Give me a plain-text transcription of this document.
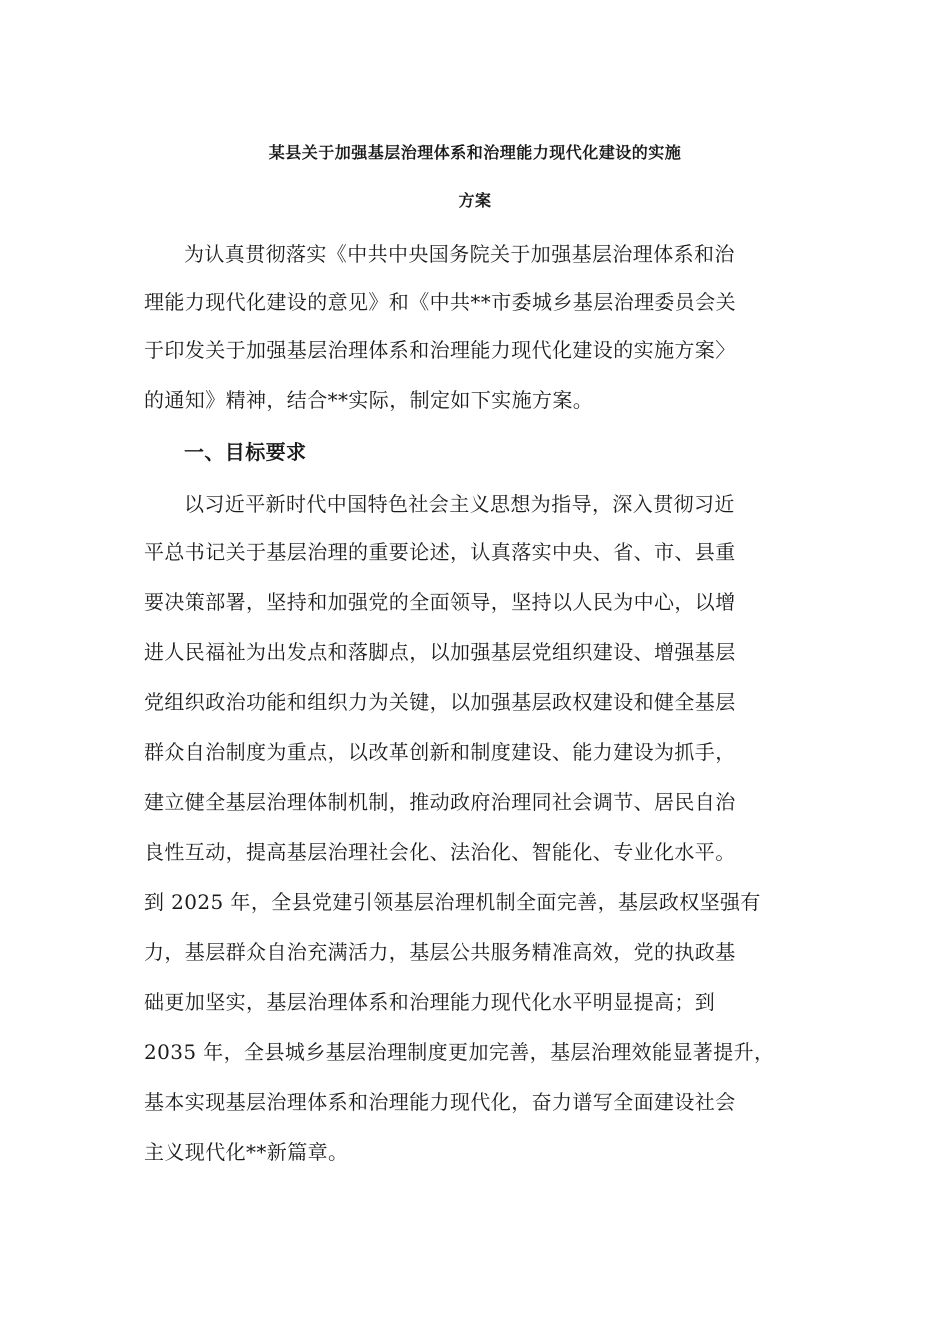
某县关于加强基层治理体系和治理能力现代化建设的实施
方案
为认真贯彻落实《中共中央国务院关于加强基层治理体系和治
理能力现代化建设的意见》和《中共**市委城乡基层治理委员会关
于印发关于加强基层治理体系和治理能力现代化建设的实施方案〉
的通知》精神，结合**实际，制定如下实施方案。
一、目标要求
以习近平新时代中国特色社会主义思想为指导，深入贯彻习近
平总书记关于基层治理的重要论述，认真落实中央、省、市、县重
要决策部署，坚持和加强党的全面领导，坚持以人民为中心，以增
进人民福祉为出发点和落脚点，以加强基层党组织建设、增强基层
党组织政治功能和组织力为关键，以加强基层政权建设和健全基层
群众自治制度为重点，以改革创新和制度建设、能力建设为抓手，
建立健全基层治理体制机制，推动政府治理同社会调节、居民自治
良性互动，提高基层治理社会化、法治化、智能化、专业化水平。
到 2025 年，全县党建引领基层治理机制全面完善，基层政权坚强有
力，基层群众自治充满活力，基层公共服务精准高效，党的执政基
础更加坚实，基层治理体系和治理能力现代化水平明显提高；到
2035 年，全县城乡基层治理制度更加完善，基层治理效能显著提升，
基本实现基层治理体系和治理能力现代化，奋力谱写全面建设社会
主义现代化**新篇章。
